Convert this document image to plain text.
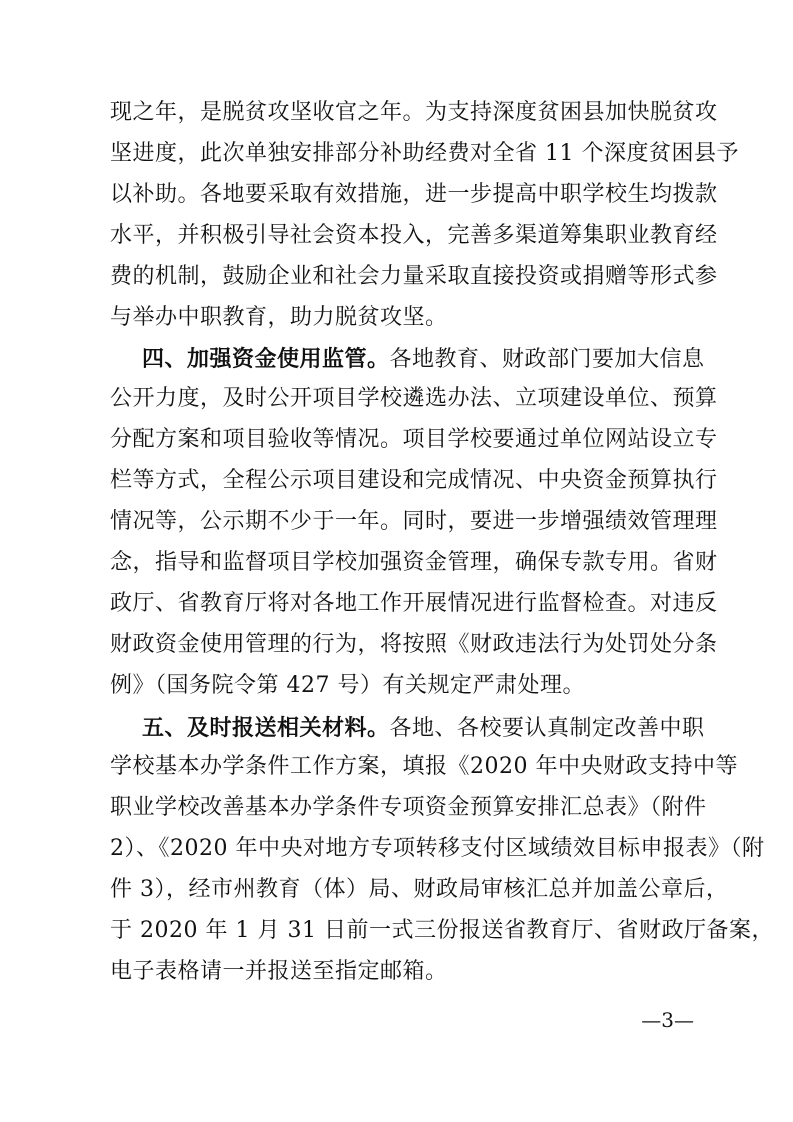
现之年，是脱贫攻坚收官之年。为支持深度贫困县加快脱贫攻
坚进度，此次单独安排部分补助经费对全省 11 个深度贫困县予
以补助。各地要采取有效措施，进一步提高中职学校生均拨款
水平，并积极引导社会资本投入，完善多渠道筹集职业教育经
费的机制，鼓励企业和社会力量采取直接投资或捐赠等形式参
与举办中职教育，助力脱贫攻坚。
四、加强资金使用监管。各地教育、财政部门要加大信息
公开力度，及时公开项目学校遴选办法、立项建设单位、预算
分配方案和项目验收等情况。项目学校要通过单位网站设立专
栏等方式，全程公示项目建设和完成情况、中央资金预算执行
情况等，公示期不少于一年。同时，要进一步增强绩效管理理
念，指导和监督项目学校加强资金管理，确保专款专用。省财
政厅、省教育厅将对各地工作开展情况进行监督检查。对违反
财政资金使用管理的行为，将按照《财政违法行为处罚处分条
例》（国务院令第 427 号）有关规定严肃处理。
五、及时报送相关材料。各地、各校要认真制定改善中职
学校基本办学条件工作方案，填报《2020 年中央财政支持中等
职业学校改善基本办学条件专项资金预算安排汇总表》（附件
2）、《2020 年中央对地方专项转移支付区域绩效目标申报表》（附
件 3），经市州教育（体）局、财政局审核汇总并加盖公章后，
于 2020 年 1 月 31 日前一式三份报送省教育厅、省财政厅备案，
电子表格请一并报送至指定邮箱。
—3—
